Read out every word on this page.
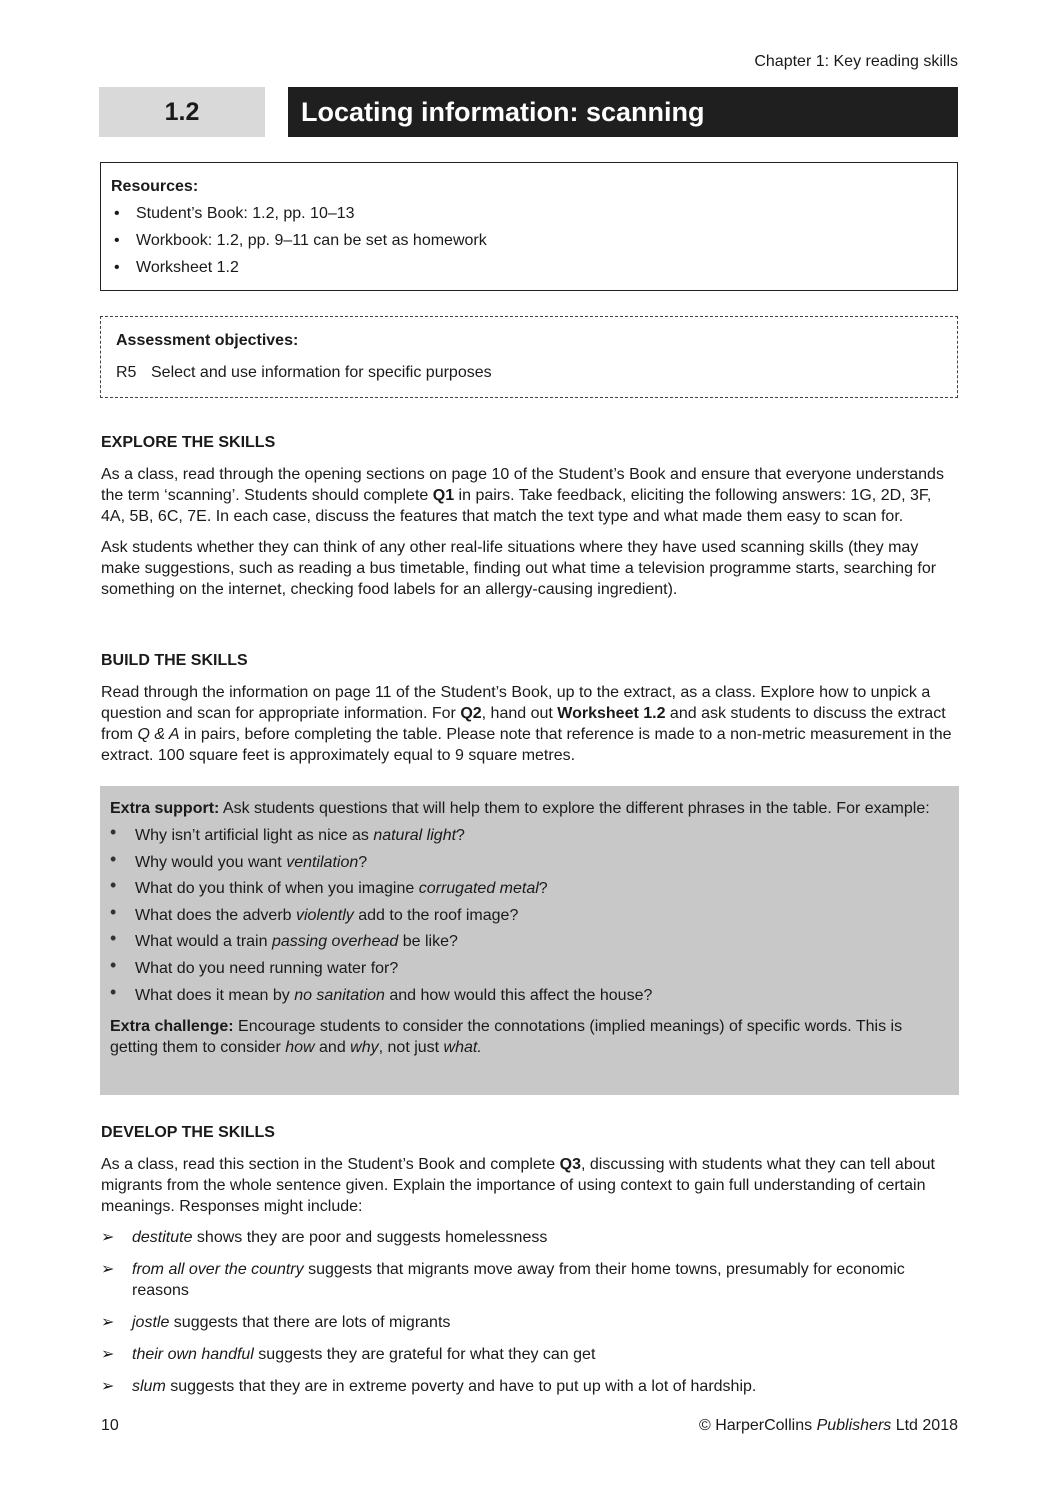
Chapter 1: Key reading skills
1.2	Locating information: scanning
Resources:
• Student’s Book: 1.2, pp. 10–13
• Workbook: 1.2, pp. 9–11 can be set as homework
• Worksheet 1.2
Assessment objectives:
R5 Select and use information for specific purposes
EXPLORE THE SKILLS

As a class, read through the opening sections on page 10 of the Student’s Book and ensure that everyone understands the term ‘scanning’. Students should complete Q1 in pairs. Take feedback, eliciting the following answers: 1G, 2D, 3F, 4A, 5B, 6C, 7E. In each case, discuss the features that match the text type and what made them easy to scan for.

Ask students whether they can think of any other real-life situations where they have used scanning skills (they may make suggestions, such as reading a bus timetable, finding out what time a television programme starts, searching for something on the internet, checking food labels for an allergy-causing ingredient).

BUILD THE SKILLS

Read through the information on page 11 of the Student’s Book, up to the extract, as a class. Explore how to unpick a question and scan for appropriate information. For Q2, hand out Worksheet 1.2 and ask students to discuss the extract from Q & A in pairs, before completing the table. Please note that reference is made to a non-metric measurement in the extract. 100 square feet is approximately equal to 9 square metres.

Extra support: Ask students questions that will help them to explore the different phrases in the table. For example:

• Why isn’t artificial light as nice as natural light?
• Why would you want ventilation?
• What do you think of when you imagine corrugated metal?
• What does the adverb violently add to the roof image?
• What would a train passing overhead be like?
• What do you need running water for?
• What does it mean by no sanitation and how would this affect the house?

Extra challenge: Encourage students to consider the connotations (implied meanings) of specific words. This is getting them to consider how and why, not just what.

DEVELOP THE SKILLS

As a class, read this section in the Student’s Book and complete Q3, discussing with students what they can tell about migrants from the whole sentence given. Explain the importance of using context to gain full understanding of certain meanings. Responses might include:

➢ destitute shows they are poor and suggests homelessness
➢ from all over the country suggests that migrants move away from their home towns, presumably for economic reasons
➢ jostle suggests that there are lots of migrants
➢ their own handful suggests they are grateful for what they can get
➢ slum suggests that they are in extreme poverty and have to put up with a lot of hardship.
10	© HarperCollins Publishers Ltd 2018
